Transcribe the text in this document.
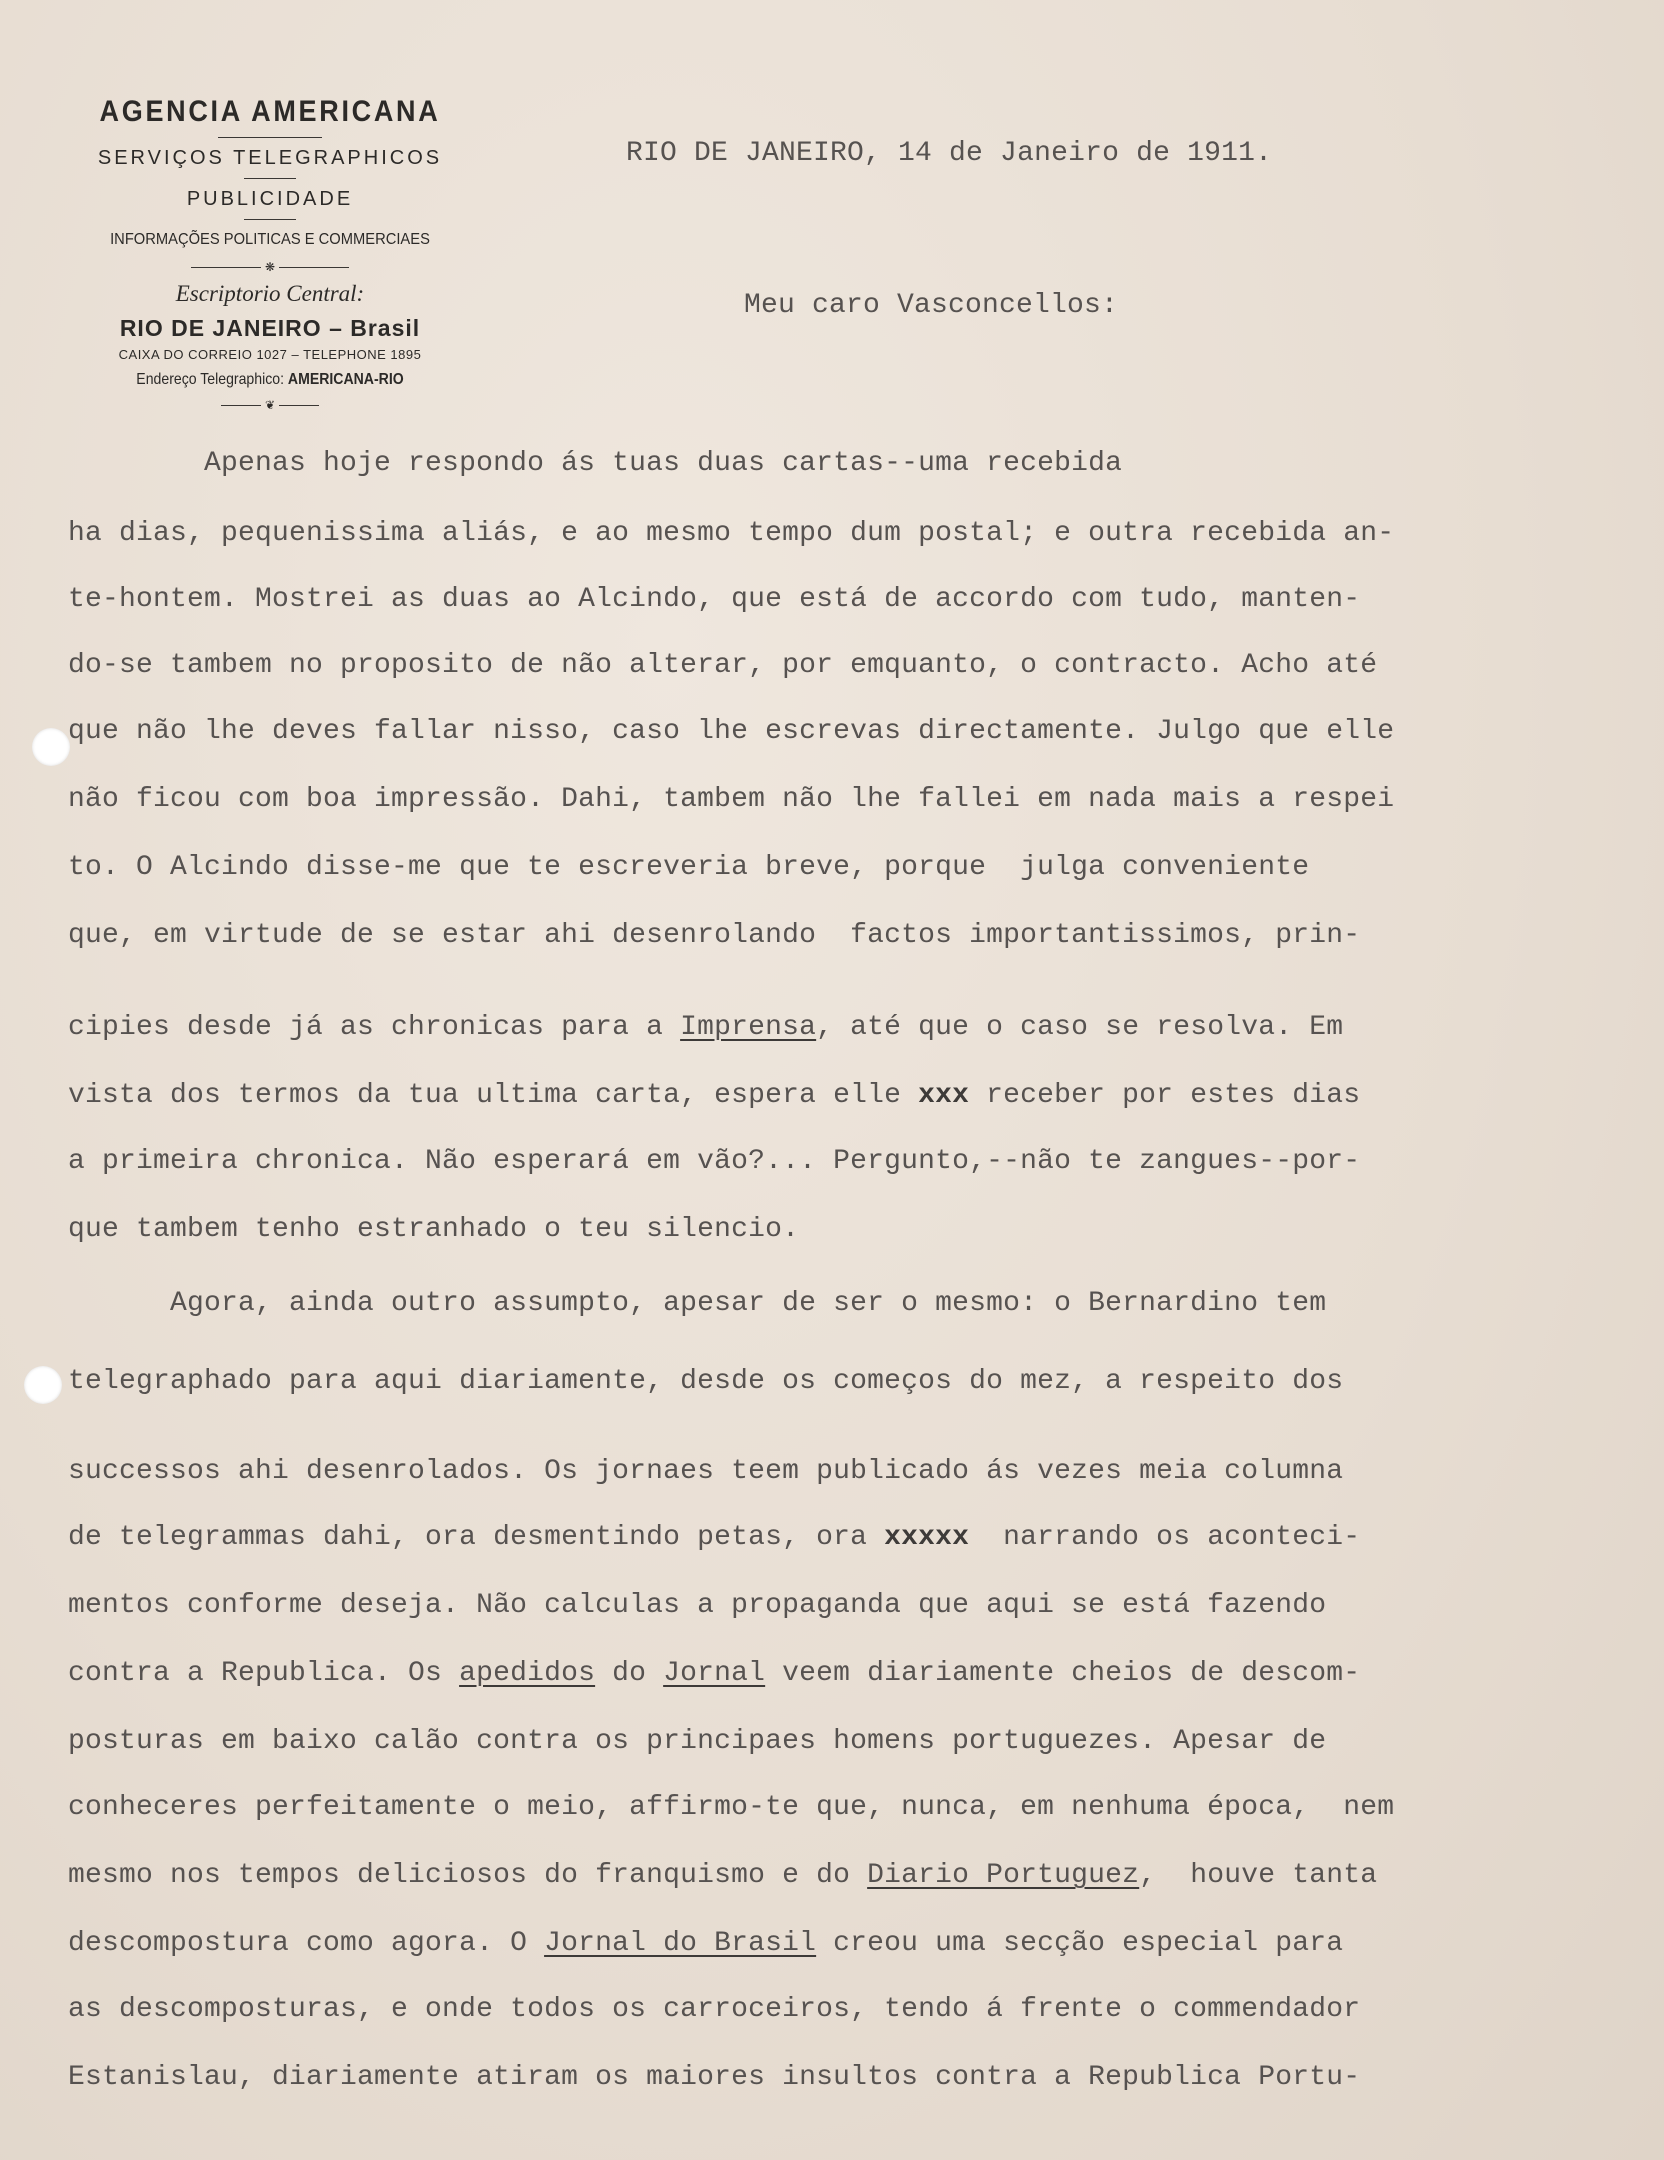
AGENCIA AMERICANA
SERVIÇOS TELEGRAPHICOS
PUBLICIDADE
INFORMAÇÕES POLITICAS E COMMERCIAES
❋
Escriptorio Central:
RIO DE JANEIRO – Brasil
CAIXA DO CORREIO 1027 – TELEPHONE 1895
Endereço Telegraphico: AMERICANA-RIO
❦
RIO DE JANEIRO, 14 de Janeiro de 1911.
Meu caro Vasconcellos:
Apenas hoje respondo ás tuas duas cartas--uma recebida
ha dias, pequenissima aliás, e ao mesmo tempo dum postal; e outra recebida an-
te-hontem. Mostrei as duas ao Alcindo, que está de accordo com tudo, manten-
do-se tambem no proposito de não alterar, por emquanto, o contracto. Acho até
que não lhe deves fallar nisso, caso lhe escrevas directamente. Julgo que elle
não ficou com boa impressão. Dahi, tambem não lhe fallei em nada mais a respei
to. O Alcindo disse-me que te escreveria breve, porque  julga conveniente
que, em virtude de se estar ahi desenrolando  factos importantissimos, prin-
cipies desde já as chronicas para a Imprensa, até que o caso se resolva. Em
vista dos termos da tua ultima carta, espera elle xxx receber por estes dias
a primeira chronica. Não esperará em vão?... Pergunto,--não te zangues--por-
que tambem tenho estranhado o teu silencio.
Agora, ainda outro assumpto, apesar de ser o mesmo: o Bernardino tem
telegraphado para aqui diariamente, desde os começos do mez, a respeito dos
successos ahi desenrolados. Os jornaes teem publicado ás vezes meia columna
de telegrammas dahi, ora desmentindo petas, ora xxxxx  narrando os aconteci-
mentos conforme deseja. Não calculas a propaganda que aqui se está fazendo
contra a Republica. Os apedidos do Jornal veem diariamente cheios de descom-
posturas em baixo calão contra os principaes homens portuguezes. Apesar de
conheceres perfeitamente o meio, affirmo-te que, nunca, em nenhuma época,  nem
mesmo nos tempos deliciosos do franquismo e do Diario Portuguez,  houve tanta
descompostura como agora. O Jornal do Brasil creou uma secção especial para
as descomposturas, e onde todos os carroceiros, tendo á frente o commendador
Estanislau, diariamente atiram os maiores insultos contra a Republica Portu-
